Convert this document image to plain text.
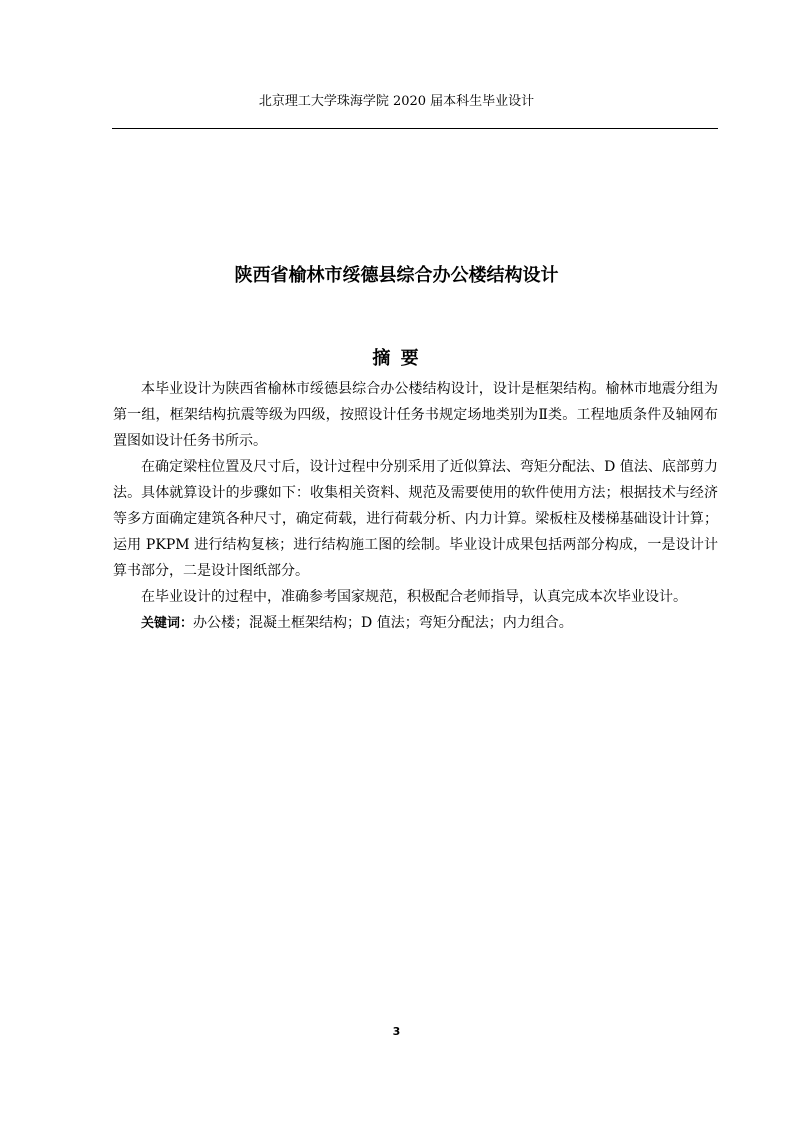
北京理工大学珠海学院 2020 届本科生毕业设计
陕西省榆林市绥德县综合办公楼结构设计
摘 要

本毕业设计为陕西省榆林市绥德县综合办公楼结构设计，设计是框架结构。榆林市地震分组为第一组，框架结构抗震等级为四级，按照设计任务书规定场地类别为Ⅱ类。工程地质条件及轴网布置图如设计任务书所示。

在确定梁柱位置及尺寸后，设计过程中分别采用了近似算法、弯矩分配法、D 值法、底部剪力法。具体就算设计的步骤如下：收集相关资料、规范及需要使用的软件使用方法；根据技术与经济等多方面确定建筑各种尺寸，确定荷载，进行荷载分析、内力计算。梁板柱及楼梯基础设计计算；运用 PKPM 进行结构复核；进行结构施工图的绘制。毕业设计成果包括两部分构成，一是设计计算书部分，二是设计图纸部分。

在毕业设计的过程中，准确参考国家规范，积极配合老师指导，认真完成本次毕业设计。

关键词：办公楼；混凝土框架结构；D 值法；弯矩分配法；内力组合。

3
